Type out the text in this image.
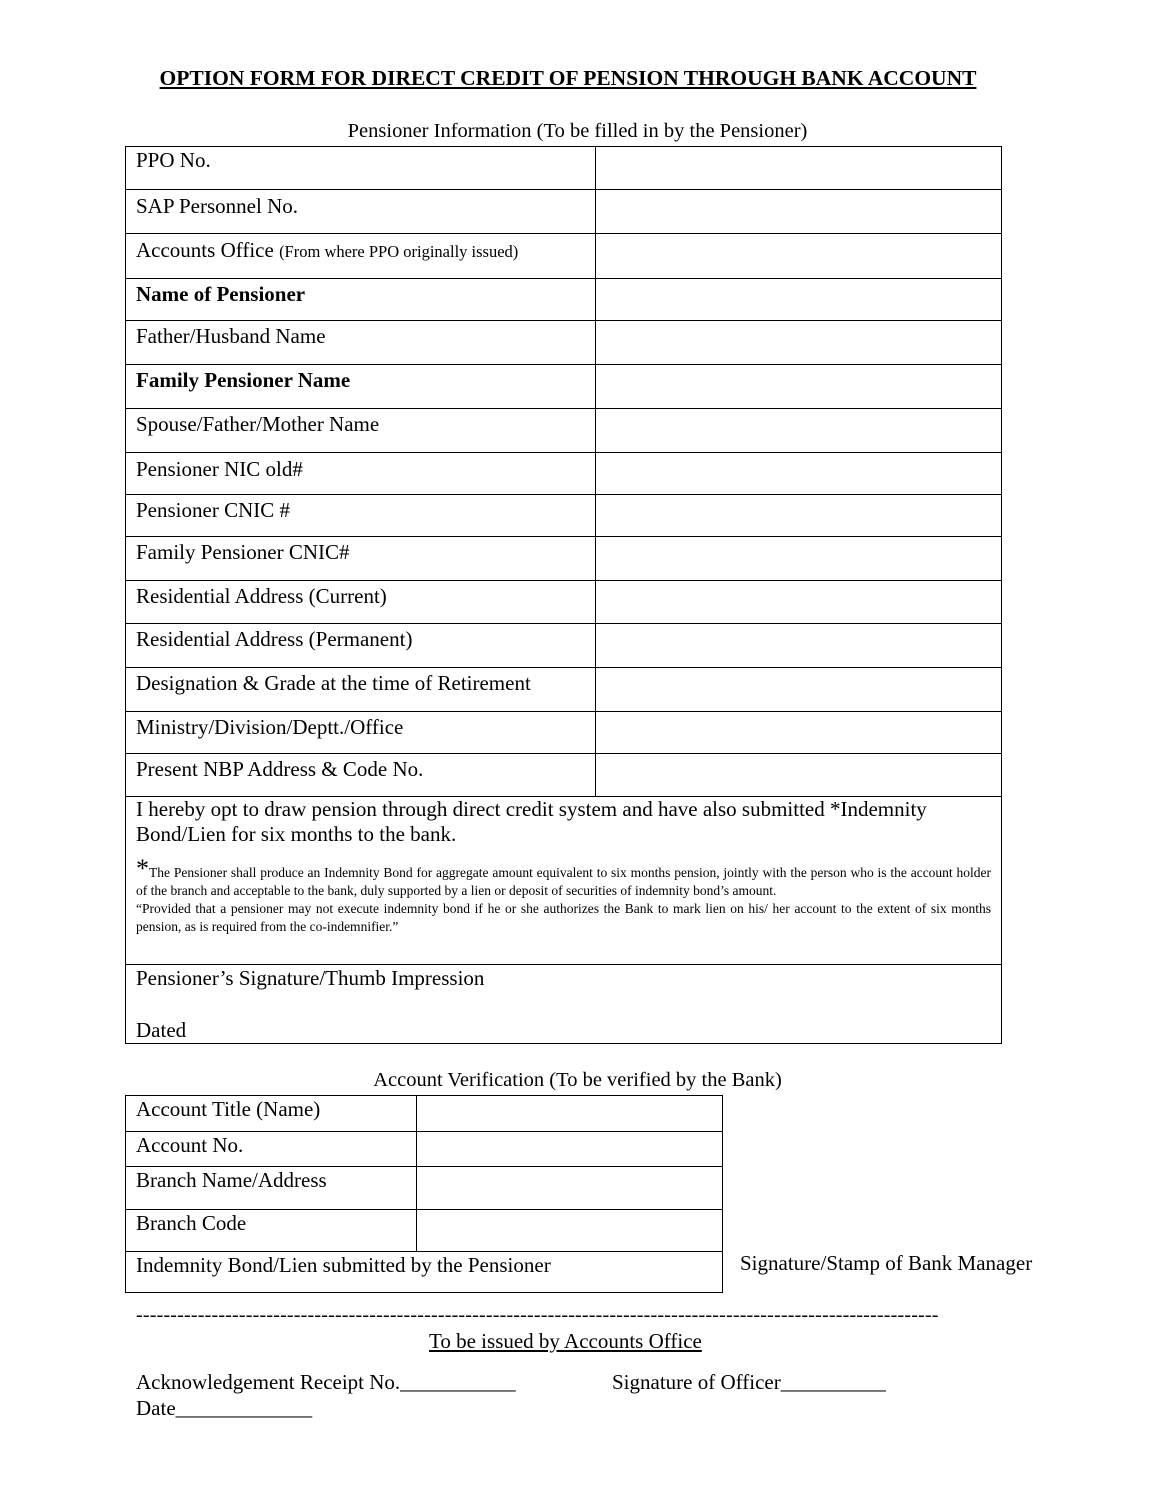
OPTION FORM FOR DIRECT CREDIT OF PENSION THROUGH BANK ACCOUNT
Pensioner Information (To be filled in by the Pensioner)
PPO No.	
SAP Personnel No.	
Accounts Office (From where PPO originally issued)	
Name of Pensioner	
Father/Husband Name	
Family Pensioner Name	
Spouse/Father/Mother Name	
Pensioner NIC old#	
Pensioner CNIC #	
Family Pensioner CNIC#	
Residential Address (Current)	
Residential Address (Permanent)	
Designation & Grade at the time of Retirement	
Ministry/Division/Deptt./Office	
Present NBP Address & Code No.	

I hereby opt to draw pension through direct credit system and have also submitted *Indemnity Bond/Lien for six months to the bank.
*The Pensioner shall produce an Indemnity Bond for aggregate amount equivalent to six months pension, jointly with the person who is the account holder of the branch and acceptable to the bank, duly supported by a lien or deposit of securities of indemnity bond’s amount.
“Provided that a pensioner may not execute indemnity bond if he or she authorizes the Bank to mark lien on his/ her account to the extent of six months pension, as is required from the co-indemnifier.”	

Pensioner’s Signature/Thumb Impression
Dated	
Account Verification (To be verified by the Bank)
Account Title (Name)	
Account No.	
Branch Name/Address	
Branch Code	
Indemnity Bond/Lien submitted by the Pensioner		Signature/Stamp of Bank Manager
---------------------------------------------------------------------------------------------------------------------
To be issued by Accounts Office
Acknowledgement Receipt No.___________	Signature of Officer__________
Date_____________
